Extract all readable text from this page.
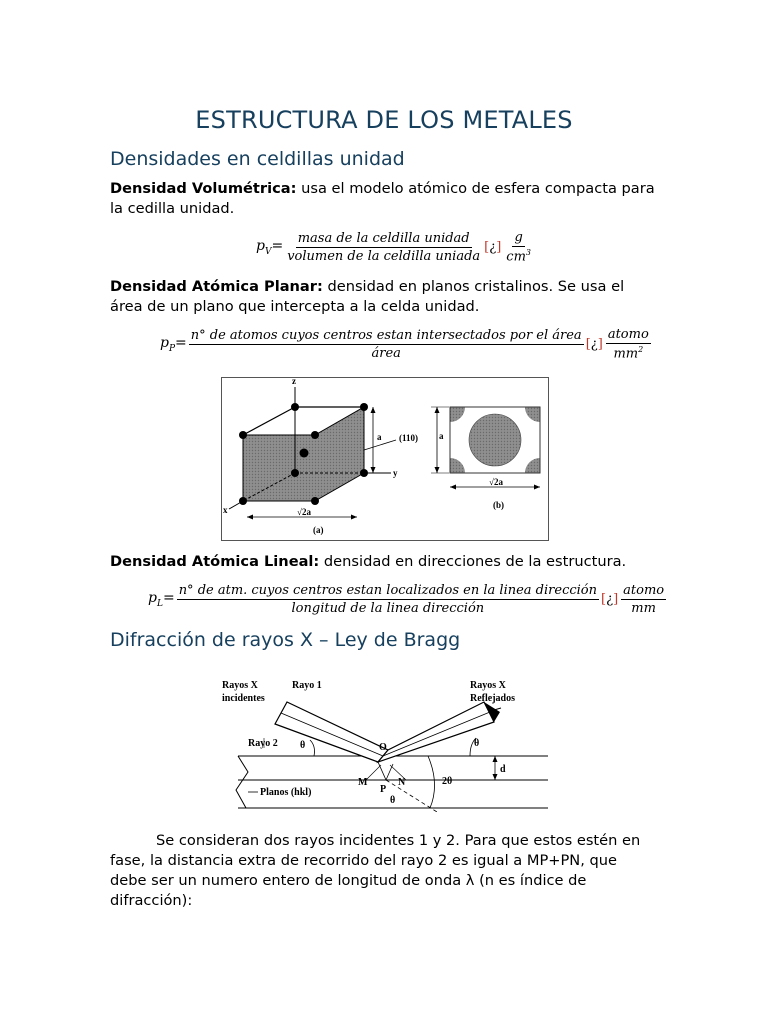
ESTRUCTURA DE LOS METALES
Densidades en celdillas unidad

Densidad Volumétrica: usa el modelo atómico de esfera compacta para la cedilla unidad.

$p_V= \frac{\text{masa de la celdilla unidad}}{\text{volumen de la celdilla uniada}}$ [¿] $\frac{g}{cm^3}$

Densidad Atómica Planar: densidad en planos cristalinos. Se usa el área de un plano que intercepta a la celda unidad.

$p_P= \frac{\text{n° de atomos cuyos centros estan intersectados por el área}}{\text{área}}$ [¿] $\frac{\text{atomo}}{mm^2}$
a (110)
z
y
x	√2a
(a)
a
√2a
(b)

Densidad Atómica Lineal: densidad en direcciones de la estructura.

$p_L= n^\circ$ de atm. cuyos centros estan localizados en la linea dirección
longitud de la linea dirección
[¿] $\frac{\text{atomo}}{mm}$
Difracción de rayos X – Ley de Bragg
Rayos X
incidentes
Rayo 1
Rayo 2 θ
Rayos X
Reflejados
θ
O
M	N
P
θ
2θ
d
Planos (hkl)

Se consideran dos rayos incidentes 1 y 2. Para que estos estén en fase, la distancia extra de recorrido del rayo 2 es igual a MP+PN, que debe ser un numero entero de longitud de onda λ (n es índice de difracción):
